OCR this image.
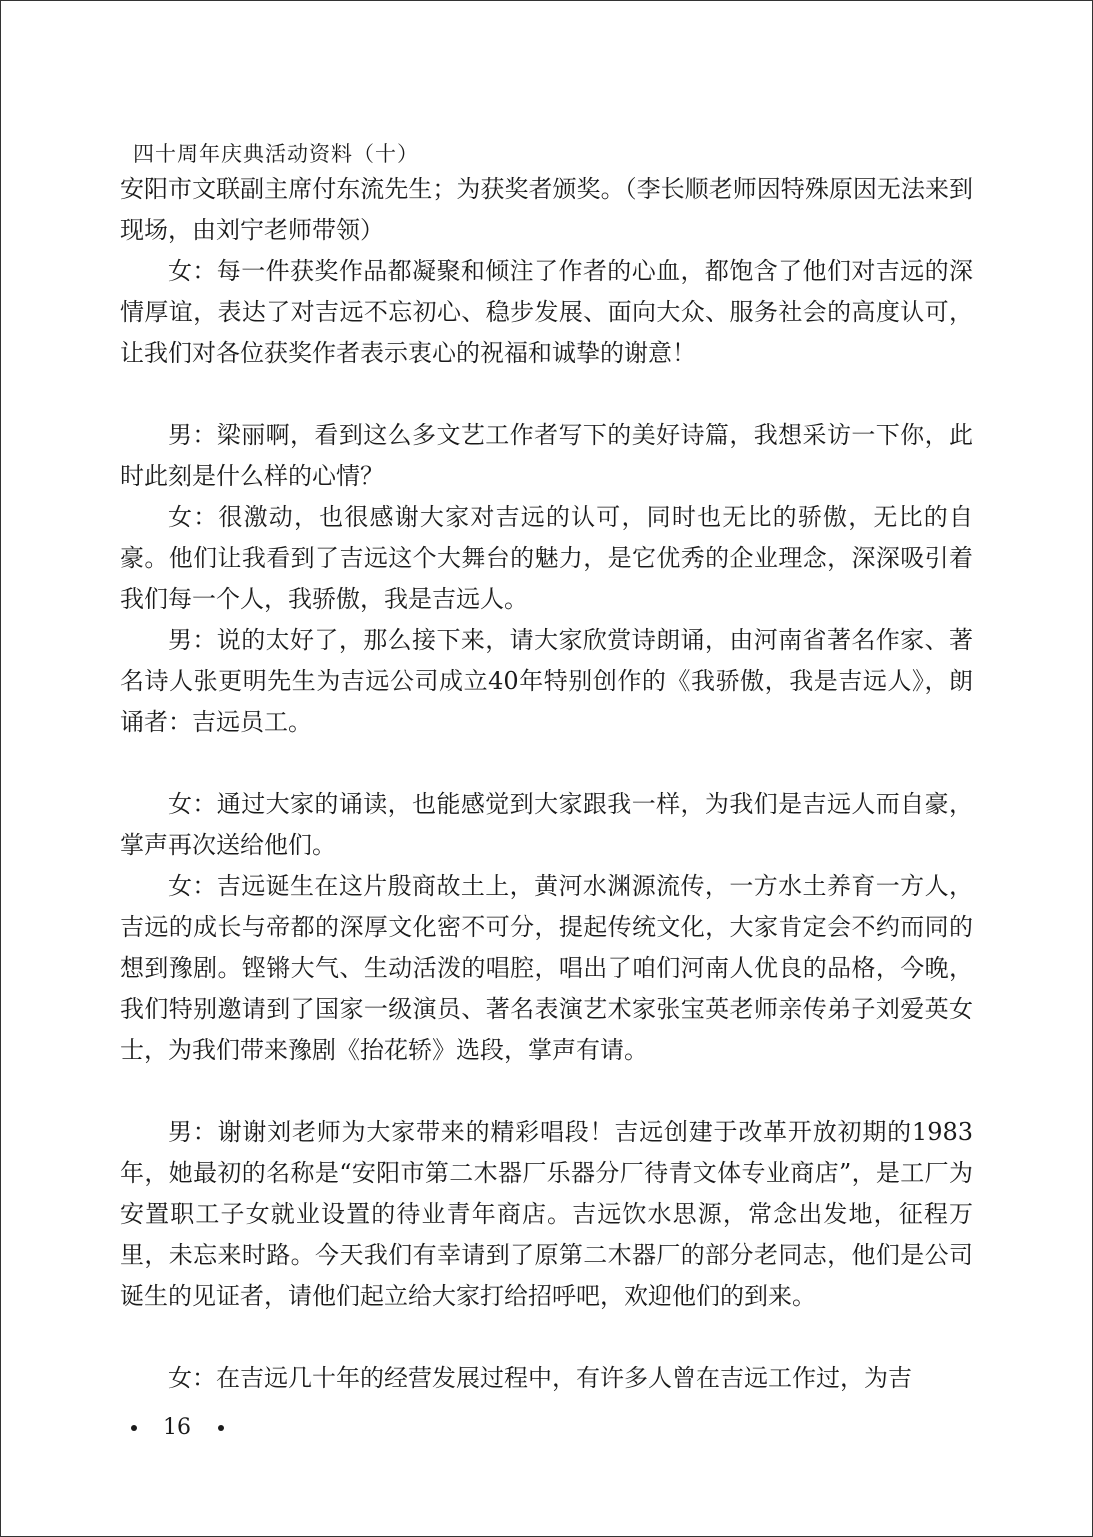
四十周年庆典活动资料（十）

安阳市文联副主席付东流先生；为获奖者颁奖。（李长顺老师因特殊原因无法来到现场，由刘宁老师带领）

女：每一件获奖作品都凝聚和倾注了作者的心血，都饱含了他们对吉远的深情厚谊，表达了对吉远不忘初心、稳步发展、面向大众、服务社会的高度认可，让我们对各位获奖作者表示衷心的祝福和诚挚的谢意！

男：梁丽啊，看到这么多文艺工作者写下的美好诗篇，我想采访一下你，此时此刻是什么样的心情？

女：很激动，也很感谢大家对吉远的认可，同时也无比的骄傲，无比的自豪。他们让我看到了吉远这个大舞台的魅力，是它优秀的企业理念，深深吸引着我们每一个人，我骄傲，我是吉远人。

男：说的太好了，那么接下来，请大家欣赏诗朗诵，由河南省著名作家、著名诗人张更明先生为吉远公司成立40年特别创作的《我骄傲，我是吉远人》，朗诵者：吉远员工。

女：通过大家的诵读，也能感觉到大家跟我一样，为我们是吉远人而自豪，掌声再次送给他们。

女：吉远诞生在这片殷商故土上，黄河水渊源流传，一方水土养育一方人，吉远的成长与帝都的深厚文化密不可分，提起传统文化，大家肯定会不约而同的想到豫剧。铿锵大气、生动活泼的唱腔，唱出了咱们河南人优良的品格，今晚，我们特别邀请到了国家一级演员、著名表演艺术家张宝英老师亲传弟子刘爱英女士，为我们带来豫剧《抬花轿》选段，掌声有请。

男：谢谢刘老师为大家带来的精彩唱段！吉远创建于改革开放初期的1983年，她最初的名称是“安阳市第二木器厂乐器分厂待青文体专业商店”，是工厂为安置职工子女就业设置的待业青年商店。吉远饮水思源，常念出发地，征程万里，未忘来时路。今天我们有幸请到了原第二木器厂的部分老同志，他们是公司诞生的见证者，请他们起立给大家打给招呼吧，欢迎他们的到来。

女：在吉远几十年的经营发展过程中，有许多人曾在吉远工作过，为吉

16
